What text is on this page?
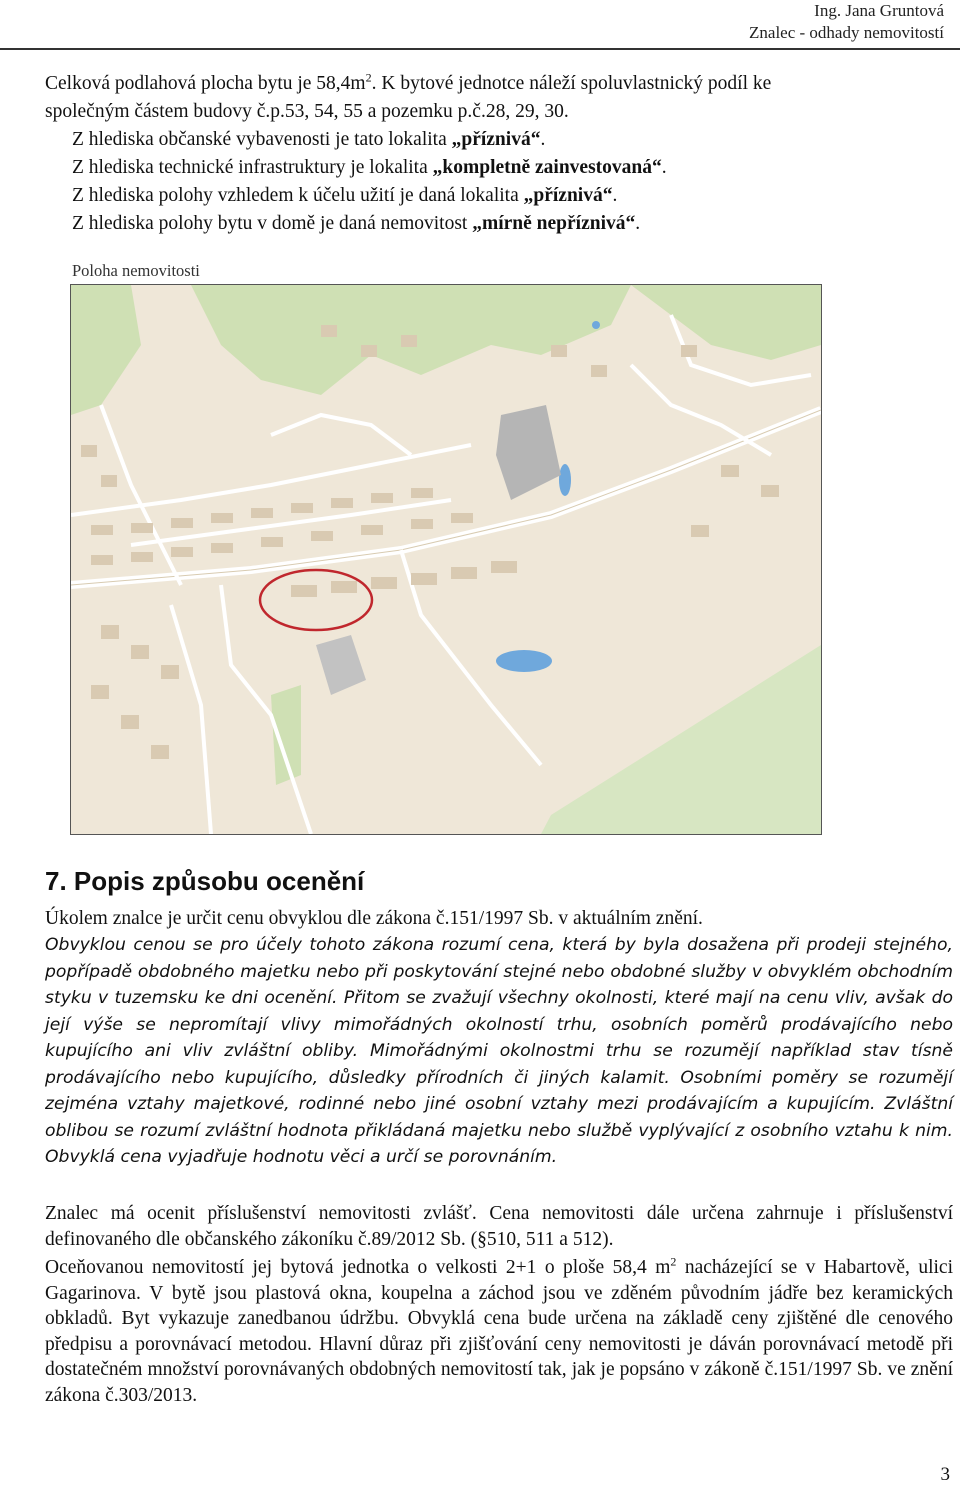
Ing. Jana Gruntová
Znalec - odhady nemovitostí
Celková podlahová plocha bytu je $58,4m^2$. K bytové jednotce náleží spoluvlastnický podíl ke
společným částem budovy č.p.53, 54, 55 a pozemku p.č.28, 29, 30.
Z hlediska občanské vybavenosti je tato lokalita „příznivá“.
Z hlediska technické infrastruktury je lokalita „kompletně zainvestovaná“.
Z hlediska polohy vzhledem k účelu užití je daná lokalita „příznivá“.
Z hlediska polohy bytu v domě je daná nemovitost „mírně nepříznivá“.
Poloha nemovitosti
7. Popis způsobu ocenění
Úkolem znalce je určit cenu obvyklou dle zákona č.151/1997 Sb. v aktuálním znění.
Obvyklou cenou se pro účely tohoto zákona rozumí cena, která by byla dosažena při prodeji stejného, popřípadě obdobného majetku nebo při poskytování stejné nebo obdobné služby v obvyklém obchodním styku v tuzemsku ke dni ocenění. Přitom se zvažují všechny okolnosti, které mají na cenu vliv, avšak do její výše se nepromítají vlivy mimořádných okolností trhu, osobních poměrů prodávajícího nebo kupujícího ani vliv zvláštní obliby. Mimořádnými okolnostmi trhu se rozumějí například stav tísně prodávajícího nebo kupujícího, důsledky přírodních či jiných kalamit. Osobními poměry se rozumějí zejména vztahy majetkové, rodinné nebo jiné osobní vztahy mezi prodávajícím a kupujícím. Zvláštní oblibou se rozumí zvláštní hodnota přikládaná majetku nebo službě vyplývající z osobního vztahu k nim. Obvyklá cena vyjadřuje hodnotu věci a určí se porovnáním.
Znalec má ocenit příslušenství nemovitosti zvlášť. Cena nemovitosti dále určena zahrnuje i příslušenství definovaného dle občanského zákoníku č.89/2012 Sb. (§510, 511 a 512).
Oceňovanou nemovitostí jej bytová jednotka o velkosti 2+1 o ploše 58,4 $m^2$ nacházející se v Habartově, ulici Gagarinova. V bytě jsou plastová okna, koupelna a záchod jsou ve zděném původním jádře bez keramických obkladů. Byt vykazuje zanedbanou údržbu. Obvyklá cena bude určena na základě ceny zjištěné dle cenového předpisu a porovnávací metodou. Hlavní důraz při zjišťování ceny nemovitosti je dáván porovnávací metodě při dostatečném množství porovnávaných obdobných nemovitostí tak, jak je popsáno v zákoně č.151/1997 Sb. ve znění zákona č.303/2013.
3
